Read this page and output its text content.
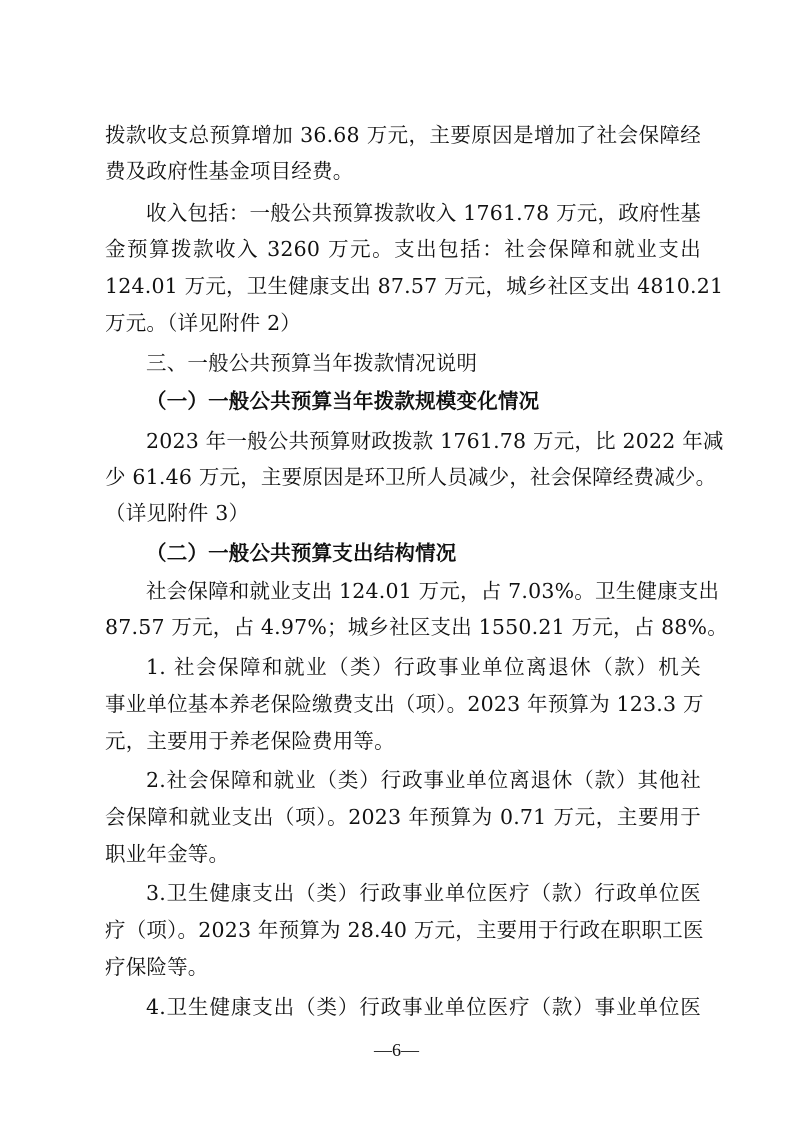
拨款收支总预算增加 36.68 万元，主要原因是增加了社会保障经
费及政府性基金项目经费。
收入包括：一般公共预算拨款收入 1761.78 万元，政府性基
金预算拨款收入 3260 万元。支出包括：社会保障和就业支出
124.01 万元，卫生健康支出 87.57 万元，城乡社区支出 4810.21
万元。（详见附件 2）
三、一般公共预算当年拨款情况说明
（一）一般公共预算当年拨款规模变化情况
2023 年一般公共预算财政拨款 1761.78 万元，比 2022 年减
少 61.46 万元，主要原因是环卫所人员减少，社会保障经费减少。
（详见附件 3）
（二）一般公共预算支出结构情况
社会保障和就业支出 124.01 万元，占 7.03%。卫生健康支出
87.57 万元，占 4.97%；城乡社区支出 1550.21 万元，占 88%。
1. 社会保障和就业（类）行政事业单位离退休（款）机关
事业单位基本养老保险缴费支出（项）。2023 年预算为 123.3 万
元，主要用于养老保险费用等。
2.社会保障和就业（类）行政事业单位离退休（款）其他社
会保障和就业支出（项）。2023 年预算为 0.71 万元，主要用于
职业年金等。
3.卫生健康支出（类）行政事业单位医疗（款）行政单位医
疗（项）。2023 年预算为 28.40 万元，主要用于行政在职职工医
疗保险等。
4.卫生健康支出（类）行政事业单位医疗（款）事业单位医
—6—
